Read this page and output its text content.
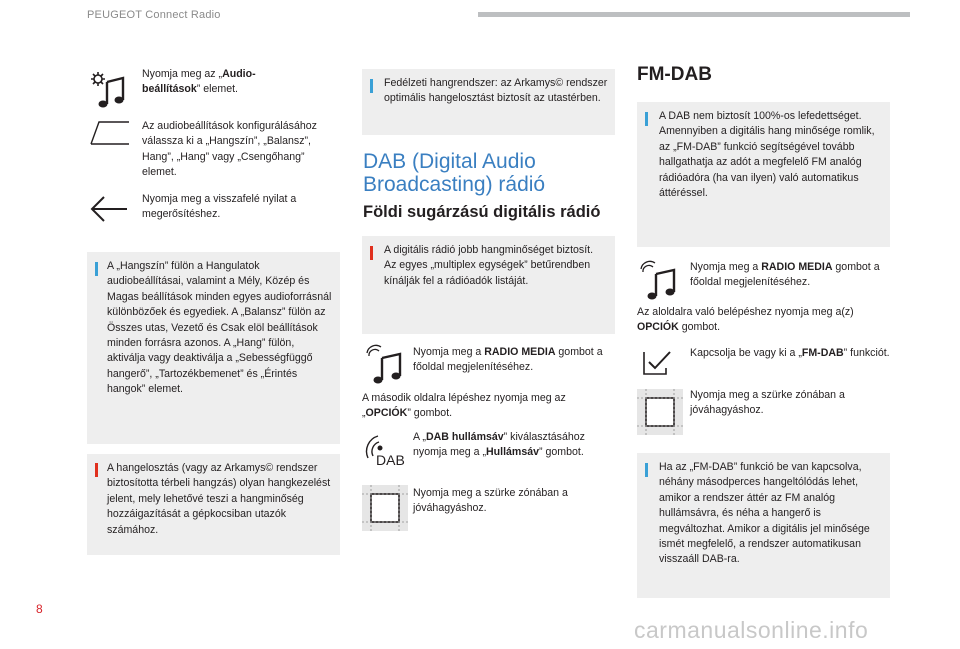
PEUGEOT Connect Radio
Nyomja meg az „Audio-beállítások” elemet.
Az audiobeállítások konfigurálásához válassza ki a „Hangszín”, „Balansz”, Hang”, „Hang” vagy „Csengőhang” elemet.
Nyomja meg a visszafelé nyilat a megerősítéshez.
A „Hangszín” fülön a Hangulatok audiobeállításai, valamint a Mély, Közép és Magas beállítások minden egyes audioforrásnál különbözőek és egyediek. A „Balansz” fülön az Összes utas, Vezető és Csak elöl beállítások minden forrásra azonos. A „Hang” fülön, aktiválja vagy deaktiválja a „Sebességfüggő hangerő”, „Tartozékbemenet” és „Érintés hangok” elemet.
A hangelosztás (vagy az Arkamys© rendszer biztosította térbeli hangzás) olyan hangkezelést jelent, mely lehetővé teszi a hangminőség hozzáigazítását a gépkocsiban utazók számához.
Fedélzeti hangrendszer: az Arkamys© rendszer optimális hangelosztást biztosít az utastérben.
DAB (Digital Audio
Broadcasting) rádió
Földi sugárzású digitális rádió
A digitális rádió jobb hangminőséget biztosít. Az egyes „multiplex egységek” betűrendben kínálják fel a rádióadók listáját.
Nyomja meg a RADIO MEDIA gombot a főoldal megjelenítéséhez.
A második oldalra lépéshez nyomja meg az „OPCIÓK” gombot.
DAB
A „DAB hullámsáv” kiválasztásához nyomja meg a „Hullámsáv” gombot.
Nyomja meg a szürke zónában a jóváhagyáshoz.
FM-DAB
A DAB nem biztosít 100%-os lefedettséget. Amennyiben a digitális hang minősége romlik, az „FM-DAB” funkció segítségével tovább hallgathatja az adót a megfelelő FM analóg rádióadóra (ha van ilyen) való automatikus áttéréssel.
Nyomja meg a RADIO MEDIA gombot a főoldal megjelenítéséhez.
Az aloldalra való belépéshez nyomja meg a(z) OPCIÓK gombot.
Kapcsolja be vagy ki a „FM-DAB” funkciót.
Nyomja meg a szürke zónában a jóváhagyáshoz.
Ha az „FM-DAB” funkció be van kapcsolva, néhány másodperces hangeltólódás lehet, amikor a rendszer áttér az FM analóg hullámsávra, és néha a hangerő is megváltozhat. Amikor a digitális jel minősége ismét megfelelő, a rendszer automatikusan visszaáll DAB-ra.
8
carmanualsonline.info
